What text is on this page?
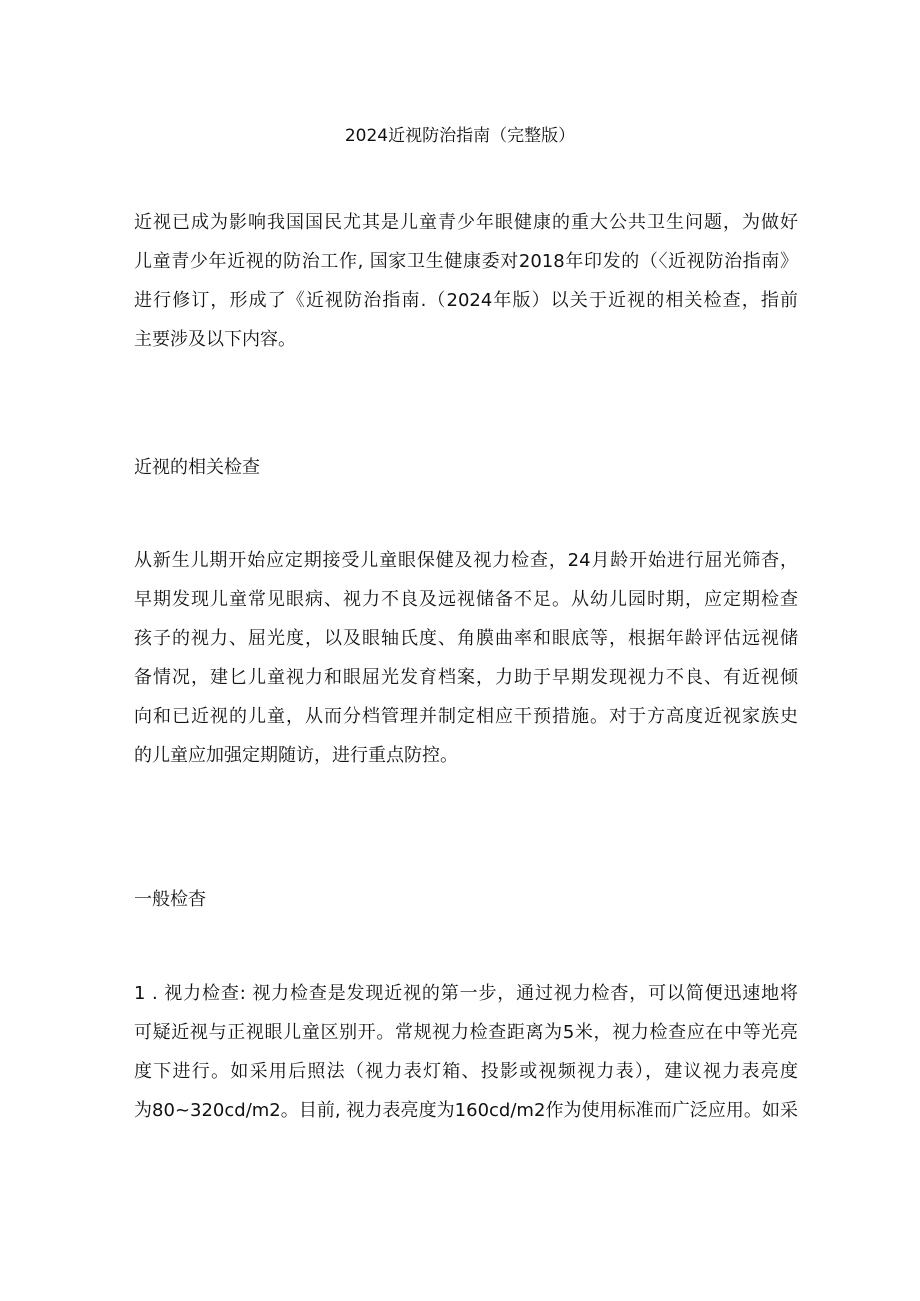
2024近视防治指南（完整版）
近视已成为影响我国国民尤其是儿童青少年眼健康的重大公共卫生问题，为做好
儿童青少年近视的防治工作, 国家卫生健康委对2018年印发的（〈近视防治指南》
进行修订，形成了《近视防治指南.（2024年版）以关于近视的相关检查，指前
主要涉及以下内容。
近视的相关检查
从新生儿期开始应定期接受儿童眼保健及视力检查，24月龄开始进行屈光筛杳，
早期发现儿童常见眼病、视力不良及远视储备不足。从幼儿园时期，应定期检查
孩子的视力、屈光度，以及眼轴氏度、角膜曲率和眼底等，根据年龄评估远视储
备情况，建匕儿童视力和眼屈光发育档案，力助于早期发现视力不良、有近视倾
向和已近视的儿童，从而分档管理并制定相应干预措施。对于方高度近视家族史
的儿童应加强定期随访，进行重点防控。
一般检杳
1 . 视力检查: 视力检查是发现近视的第一步，通过视力检杳，可以简便迅速地将
可疑近视与正视眼儿童区别开。常规视力检查距离为5米，视力检查应在中等光亮
度下进行。如采用后照法（视力表灯箱、投影或视频视力表），建议视力表亮度
为80~320cd/m2。目前, 视力表亮度为160cd/m2作为使用标准而广泛应用。如采
